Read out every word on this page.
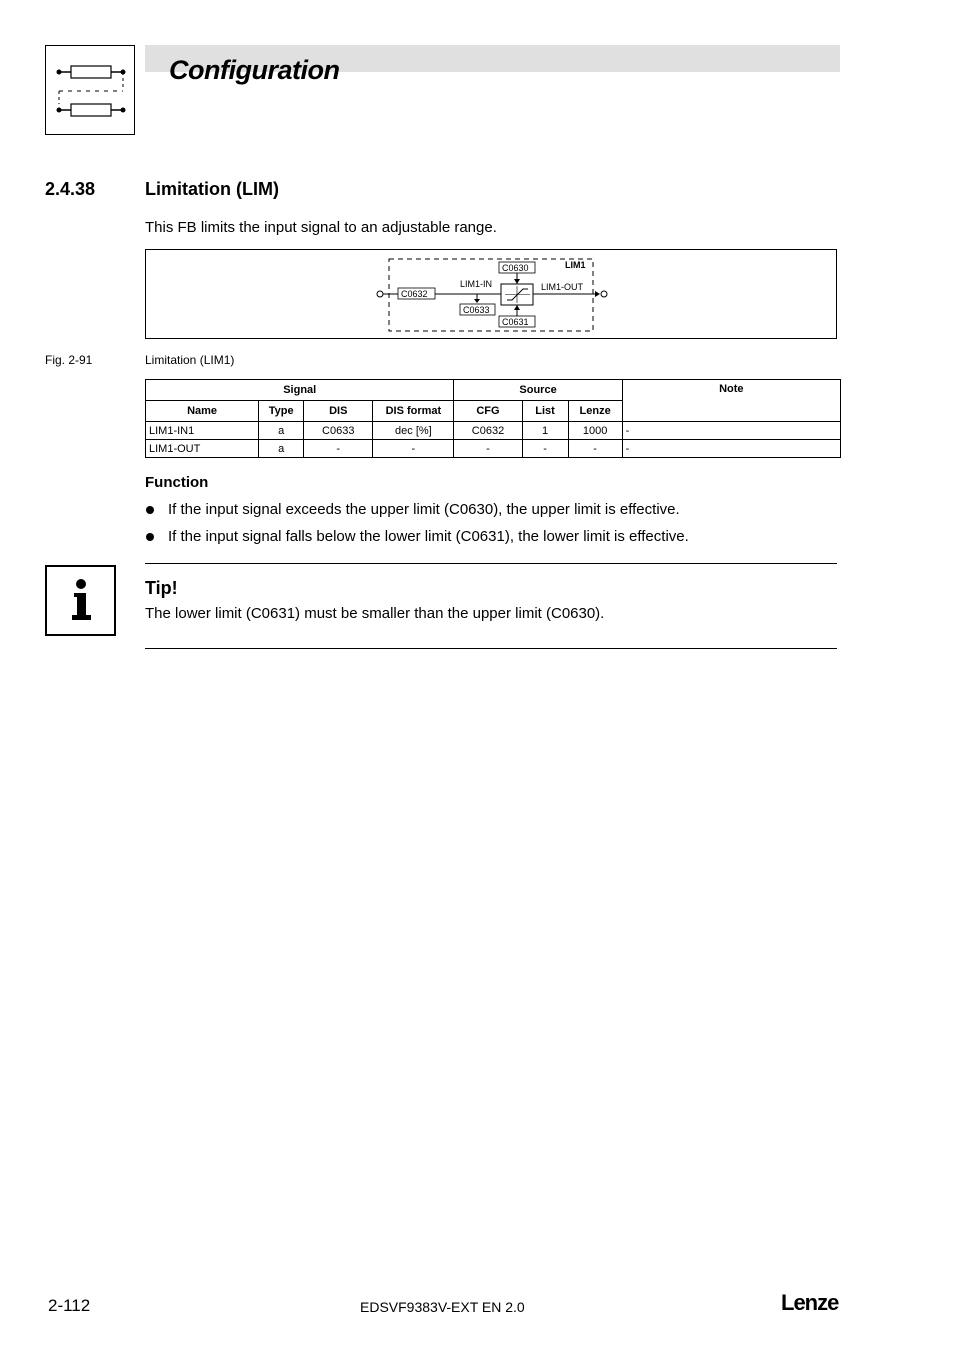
Configuration
2.4.38	Limitation (LIM)
This FB limits the input signal to an adjustable range.
C0632
LIM1-IN
C0633
C0630
C0631
LIM1-OUT
LIM1
Fig. 2-91	Limitation (LIM1)
Signal				Source			Note
Name	Type	DIS	DIS format	CFG	List	Lenze	
LIM1-IN1	a	C0633	dec [%]	C0632	1	1000	-
LIM1-OUT	a	-	-	-	-	-	-
Function
If the input signal exceeds the upper limit (C0630), the upper limit is effective.
If the input signal falls below the lower limit (C0631), the lower limit is effective.
Tip!
The lower limit (C0631) must be smaller than the upper limit (C0630).
2-112	EDSVF9383V-EXT EN 2.0	Lenze
